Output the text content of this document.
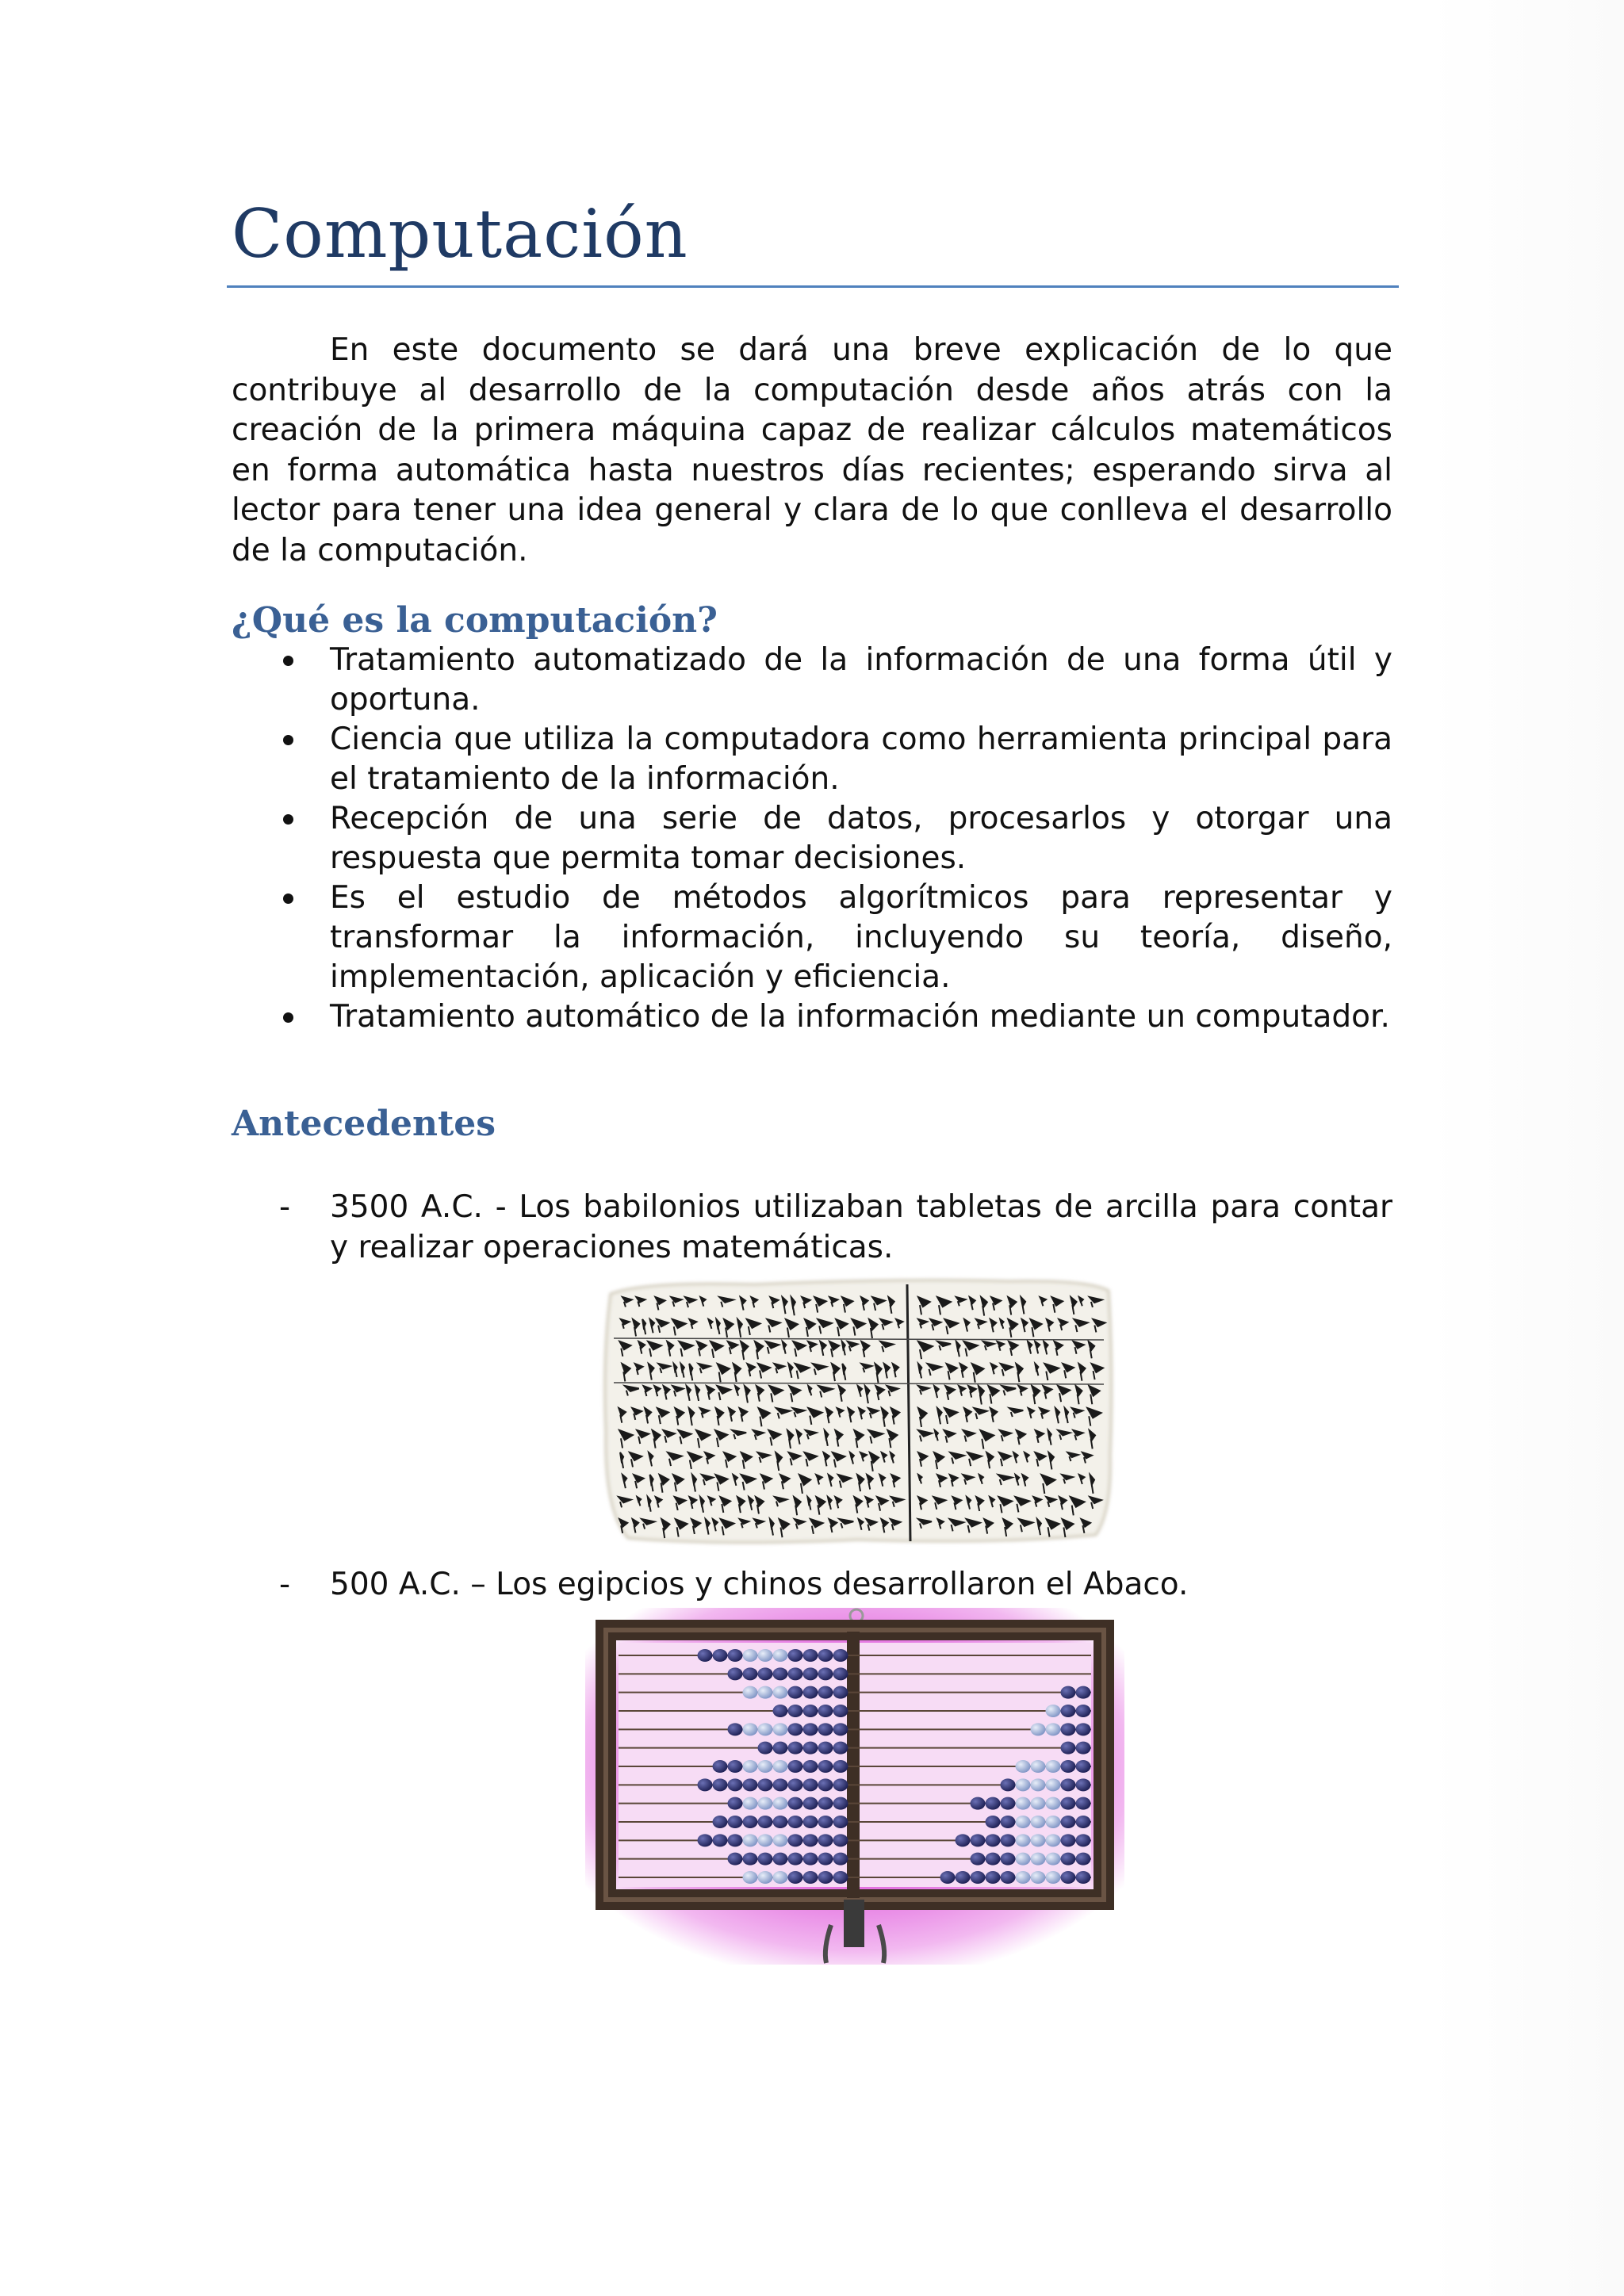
Computación

En este documento se dará una breve explicación de lo que contribuye al desarrollo de la computación desde años atrás con la creación de la primera máquina capaz de realizar cálculos matemáticos en forma automática hasta nuestros días recientes; esperando sirva al lector para tener una idea general y clara de lo que conlleva el desarrollo de la computación.

¿Qué es la computación?
Tratamiento automatizado de la información de una forma útil y oportuna.
Ciencia que utiliza la computadora como herramienta principal para el tratamiento de la información.
Recepción de una serie de datos, procesarlos y otorgar una respuesta que permita tomar decisiones.
Es el estudio de métodos algorítmicos para representar y transformar la información, incluyendo su teoría, diseño, implementación, aplicación y eficiencia.
Tratamiento automático de la información mediante un computador.
Antecedentes
-	3500 A.C. - Los babilonios utilizaban tabletas de arcilla para contar y realizar operaciones matemáticas.
-	500 A.C. – Los egipcios y chinos desarrollaron el Abaco.
